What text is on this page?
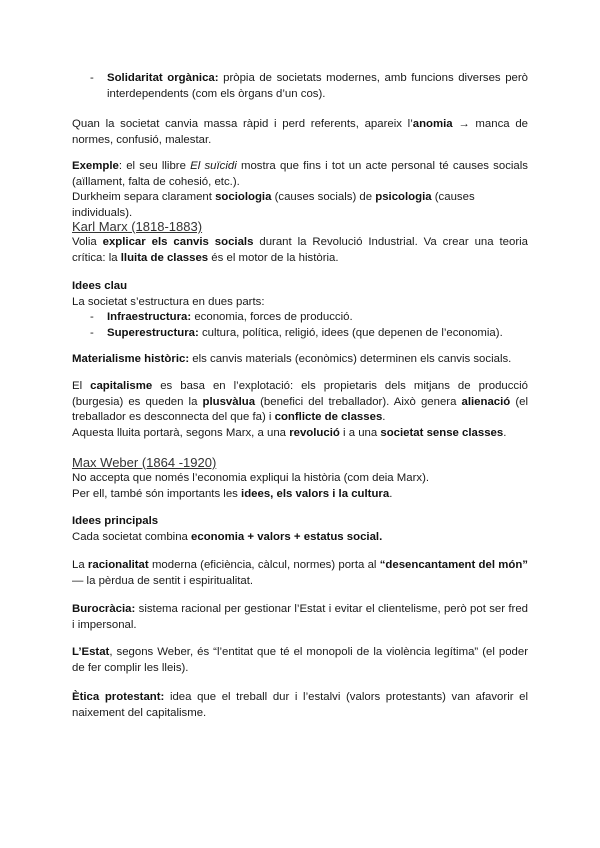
- Solidaritat orgànica: pròpia de societats modernes, amb funcions diverses però interdependents (com els òrgans d’un cos).

Quan la societat canvia massa ràpid i perd referents, apareix l’anomia → manca de normes, confusió, malestar.

Exemple: el seu llibre El suïcidi mostra que fins i tot un acte personal té causes socials (aïllament, falta de cohesió, etc.).

Durkheim separa clarament sociologia (causes socials) de psicologia (causes individuals).

Karl Marx (1818-1883)

Volia explicar els canvis socials durant la Revolució Industrial. Va crear una teoria crítica: la lluita de classes és el motor de la història.

Idees clau

La societat s’estructura en dues parts:

- Infraestructura: economia, forces de producció.

- Superestructura: cultura, política, religió, idees (que depenen de l’economia).

Materialisme històric: els canvis materials (econòmics) determinen els canvis socials.

El capitalisme es basa en l’explotació: els propietaris dels mitjans de producció (burgesia) es queden la plusvàlua (benefici del treballador). Això genera alienació (el treballador es desconnecta del que fa) i conflicte de classes.

Aquesta lluita portarà, segons Marx, a una revolució i a una societat sense classes.

Max Weber (1864 -1920)

No accepta que només l’economia expliqui la història (com deia Marx).

Per ell, també són importants les idees, els valors i la cultura.

Idees principals

Cada societat combina economia + valors + estatus social.

La racionalitat moderna (eficiència, càlcul, normes) porta al “desencantament del món” — la pèrdua de sentit i espiritualitat.

Burocràcia: sistema racional per gestionar l’Estat i evitar el clientelisme, però pot ser fred i impersonal.

L’Estat, segons Weber, és “l’entitat que té el monopoli de la violència legítima” (el poder de fer complir les lleis).

Ètica protestant: idea que el treball dur i l’estalvi (valors protestants) van afavorir el naixement del capitalisme.
